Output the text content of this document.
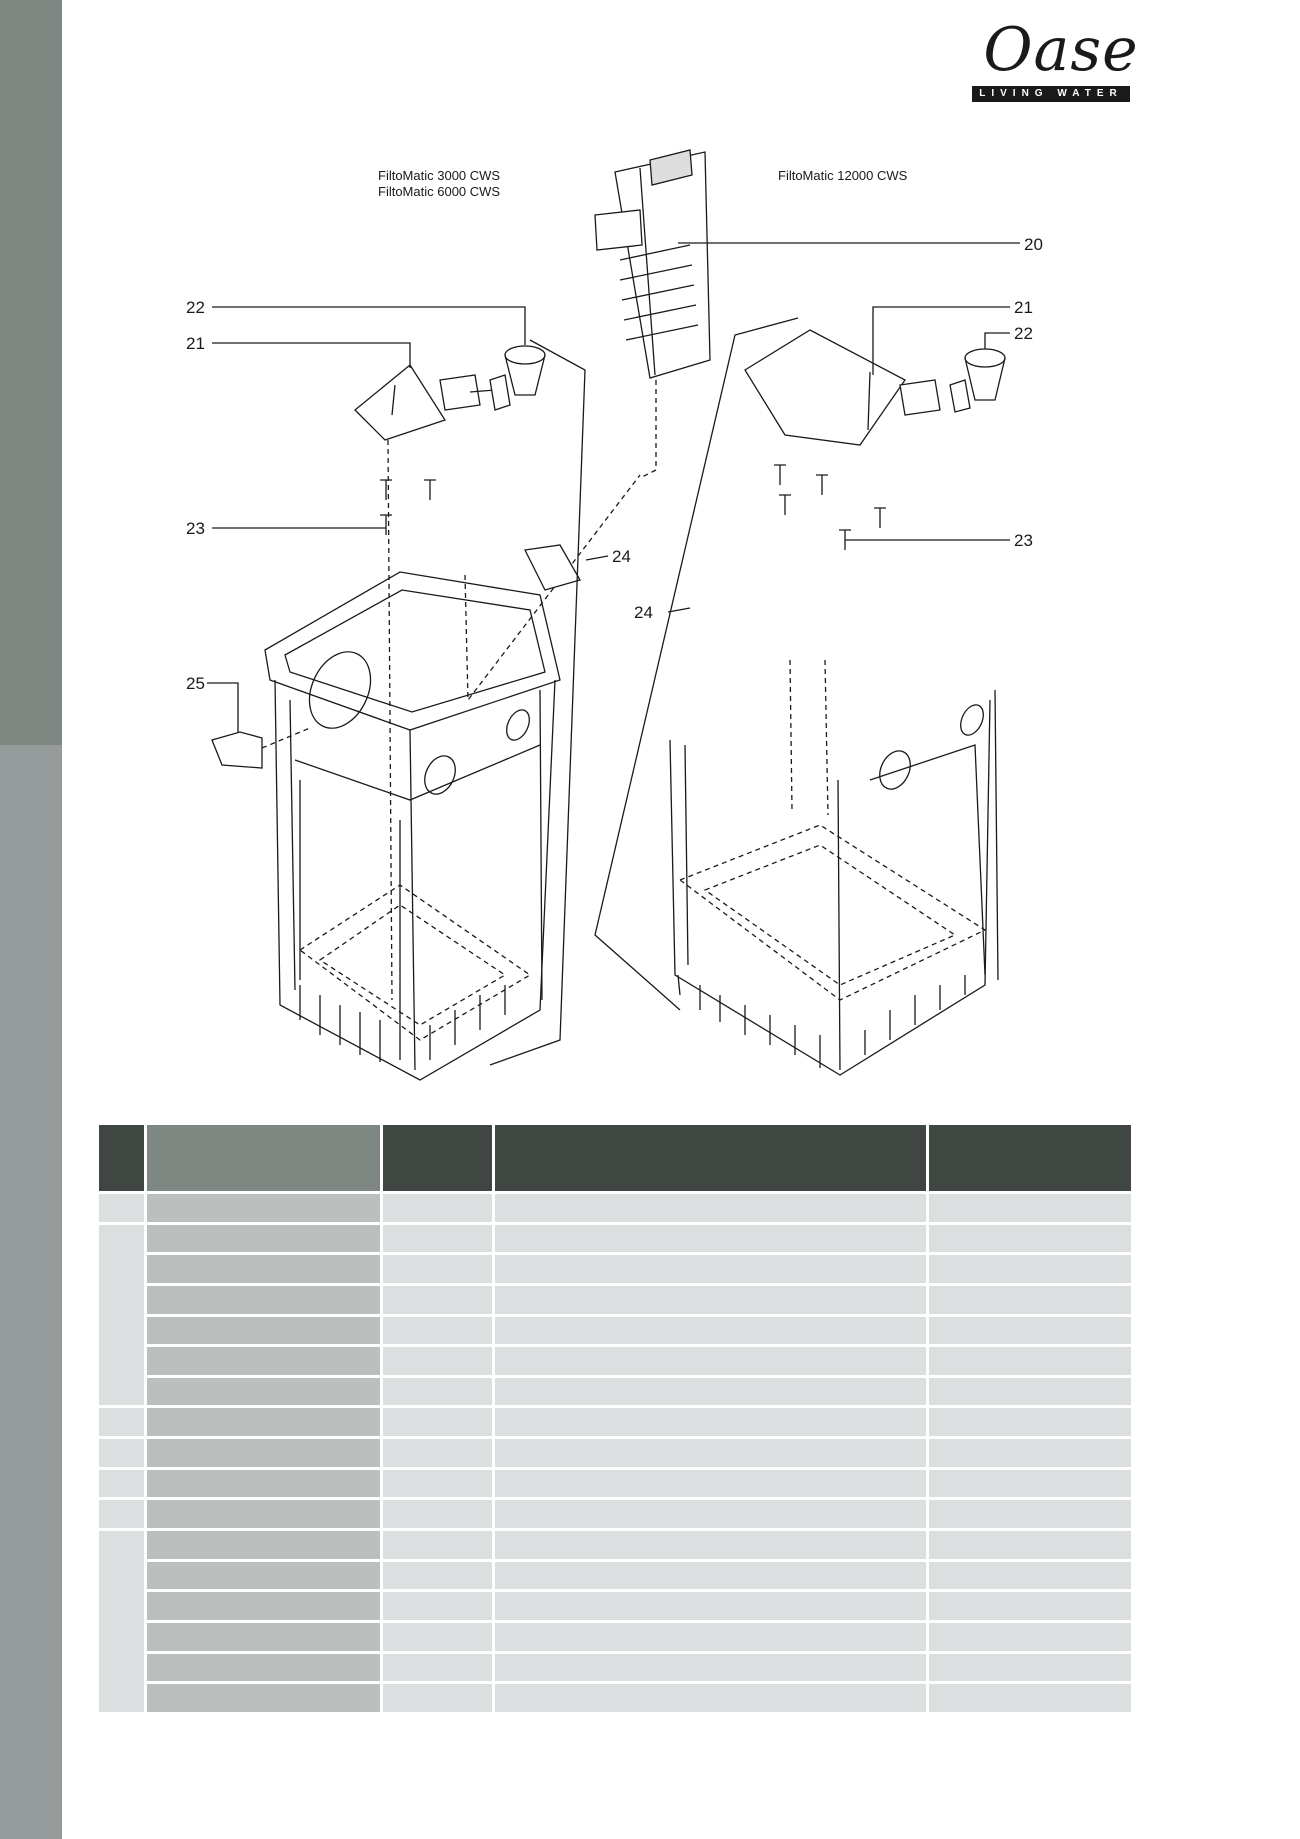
Oase
LIVING WATER
FiltoMatic 3000 CWS
FiltoMatic 6000 CWS
FiltoMatic 12000 CWS
20
22
21
23
24
25
21
22
23
24
